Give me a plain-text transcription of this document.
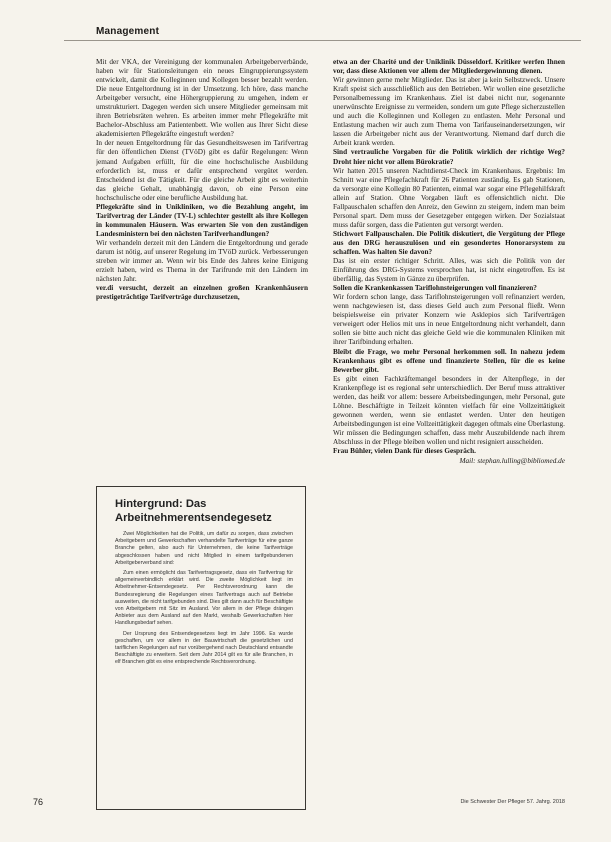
Management

Mit der VKA, der Vereinigung der kommunalen Arbeitgeberverbände, haben wir für Stationsleitungen ein neues Eingruppierungssystem entwickelt, damit die Kolleginnen und Kollegen besser bezahlt werden. Die neue Entgeltordnung ist in der Umsetzung. Ich höre, dass manche Arbeitgeber versucht, eine Höhergruppierung zu umgehen, indem er umstrukturiert. Dagegen werden sich unsere Mitglieder gemeinsam mit ihren Betriebsräten wehren. Es arbeiten immer mehr Pflegekräfte mit Bachelor-Abschluss am Patientenbett. Wie wollen aus Ihrer Sicht diese akademisierten Pflegekräfte eingestuft werden?

In der neuen Entgeltordnung für das Gesundheitswesen im Tarifvertrag für den öffentlichen Dienst (TVöD) gibt es dafür Regelungen: Wenn jemand Aufgaben erfüllt, für die eine hochschulische Ausbildung erforderlich ist, muss er dafür entsprechend vergütet werden. Entscheidend ist die Tätigkeit. Für die gleiche Arbeit gibt es weiterhin das gleiche Gehalt, unabhängig davon, ob eine Person eine hochschulische oder eine berufliche Ausbildung hat.

Pflegekräfte sind in Unikliniken, wo die Bezahlung angeht, im Tarifvertrag der Länder (TV-L) schlechter gestellt als ihre Kollegen in kommunalen Häusern. Was erwarten Sie von den zuständigen Landesministern bei den nächsten Tarifverhandlungen?

Wir verhandeln derzeit mit den Ländern die Entgeltordnung und gerade darum ist nötig, auf unserer Regelung im TVöD zurück. Verbesserungen streben wir immer an. Wenn wir bis Ende des Jahres keine Einigung erzielt haben, wird es Thema in der Tarifrunde mit den Ländern im nächsten Jahr.

ver.di versucht, derzeit an einzelnen großen Krankenhäusern prestigeträchtige Tarifverträge durchzusetzen,

Hintergrund: Das Arbeitnehmerentsendegesetz

Zwei Möglichkeiten hat die Politik, um dafür zu sorgen, dass zwischen Arbeitgebern und Gewerkschaften verhandelte Tarifverträge für eine ganze Branche gelten, also auch für Unternehmen, die keine Tarifverträge abgeschlossen haben und nicht Mitglied in einem tarifgebundenen Arbeitgeberverband sind:

Zum einen ermöglicht das Tarifvertragsgesetz, dass ein Tarifvertrag für allgemeinverbindlich erklärt wird. Die zweite Möglichkeit liegt im Arbeitnehmer-Entsendegesetz. Per Rechtsverordnung kann die Bundesregierung die Regelungen eines Tarifvertrags auch auf Betriebe ausweiten, die nicht tarifgebunden sind. Dies gilt dann auch für Beschäftigte von Arbeitgebern mit Sitz im Ausland. Vor allem in der Pflege drängen Anbieter aus dem Ausland auf den Markt, weshalb Gewerkschaften hier Handlungsbedarf sehen.

Der Ursprung des Entsendegesetzes liegt im Jahr 1996. Es wurde geschaffen, um vor allem in der Bauwirtschaft die gesetzlichen und tariflichen Regelungen auf nur vorübergehend nach Deutschland entsandte Beschäftigte zu erweitern. Seit dem Jahr 2014 gilt es für alle Branchen, in elf Branchen gibt es eine entsprechende Rechtsverordnung.

etwa an der Charité und der Uniklinik Düsseldorf. Kritiker werfen Ihnen vor, dass diese Aktionen vor allem der Mitgliedergewinnung dienen.

Wir gewinnen gerne mehr Mitglieder. Das ist aber ja kein Selbstzweck. Unsere Kraft speist sich ausschließlich aus den Betrieben. Wir wollen eine gesetzliche Personalbemessung im Krankenhaus. Ziel ist dabei nicht nur, sogenannte unerwünschte Ereignisse zu vermeiden, sondern um gute Pflege sicherzustellen und auch die Kolleginnen und Kollegen zu entlasten. Mehr Personal und Entlastung machen wir auch zum Thema von Tarifauseinandersetzungen, wir lassen die Arbeitgeber nicht aus der Verantwortung. Niemand darf durch die Arbeit krank werden.

Sind vertrauliche Vorgaben für die Politik wirklich der richtige Weg? Droht hier nicht vor allem Bürokratie?

Wir hatten 2015 unseren Nachtdienst-Check im Krankenhaus. Ergebnis: Im Schnitt war eine Pflegefachkraft für 26 Patienten zuständig. Es gab Stationen, da versorgte eine Kollegin 80 Patienten, einmal war sogar eine Pflegehilfskraft allein auf Station. Ohne Vorgaben läuft es offensichtlich nicht. Die Fallpauschalen schaffen den Anreiz, den Gewinn zu steigern, indem man beim Personal spart. Dem muss der Gesetzgeber entgegen wirken. Der Sozialstaat muss dafür sorgen, dass die Patienten gut versorgt werden.

Stichwort Fallpauschalen. Die Politik diskutiert, die Vergütung der Pflege aus den DRG herauszulösen und ein gesondertes Honorarsystem zu schaffen. Was halten Sie davon?

Das ist ein erster richtiger Schritt. Alles, was sich die Politik von der Einführung des DRG-Systems versprochen hat, ist nicht eingetroffen. Es ist überfällig, das System in Gänze zu überprüfen.

Sollen die Krankenkassen Tariflohnsteigerungen voll finanzieren?

Wir fordern schon lange, dass Tariflohnsteigerungen voll refinanziert werden, wenn nachgewiesen ist, dass dieses Geld auch zum Personal fließt. Wenn beispielsweise ein privater Konzern wie Asklepios sich Tarifverträgen verweigert oder Helios mit uns in neue Entgeltordnung nicht verhandelt, dann sollen sie bitte auch nicht das gleiche Geld wie die kommunalen Kliniken mit ihrer Tarifbindung erhalten.

Bleibt die Frage, wo mehr Personal herkommen soll. In nahezu jedem Krankenhaus gibt es offene und finanzierte Stellen, für die es keine Bewerber gibt.

Es gibt einen Fachkräftemangel besonders in der Altenpflege, in der Krankenpflege ist es regional sehr unterschiedlich. Der Beruf muss attraktiver werden, das heißt vor allem: bessere Arbeitsbedingungen, mehr Personal, gute Löhne. Beschäftigte in Teilzeit könnten vielfach für eine Vollzeittätigkeit gewonnen werden, wenn sie entlastet werden. Unter den heutigen Arbeitsbedingungen ist eine Vollzeittätigkeit dagegen oftmals eine Überlastung. Wir müssen die Bedingungen schaffen, dass mehr Auszubildende nach ihrem Abschluss in der Pflege bleiben wollen und nicht resigniert ausscheiden.

Frau Bühler, vielen Dank für dieses Gespräch.

Mail: stephan.lulling@bibliomed.de

76	Die Schwester Der Pfleger 57. Jahrg. 2018
